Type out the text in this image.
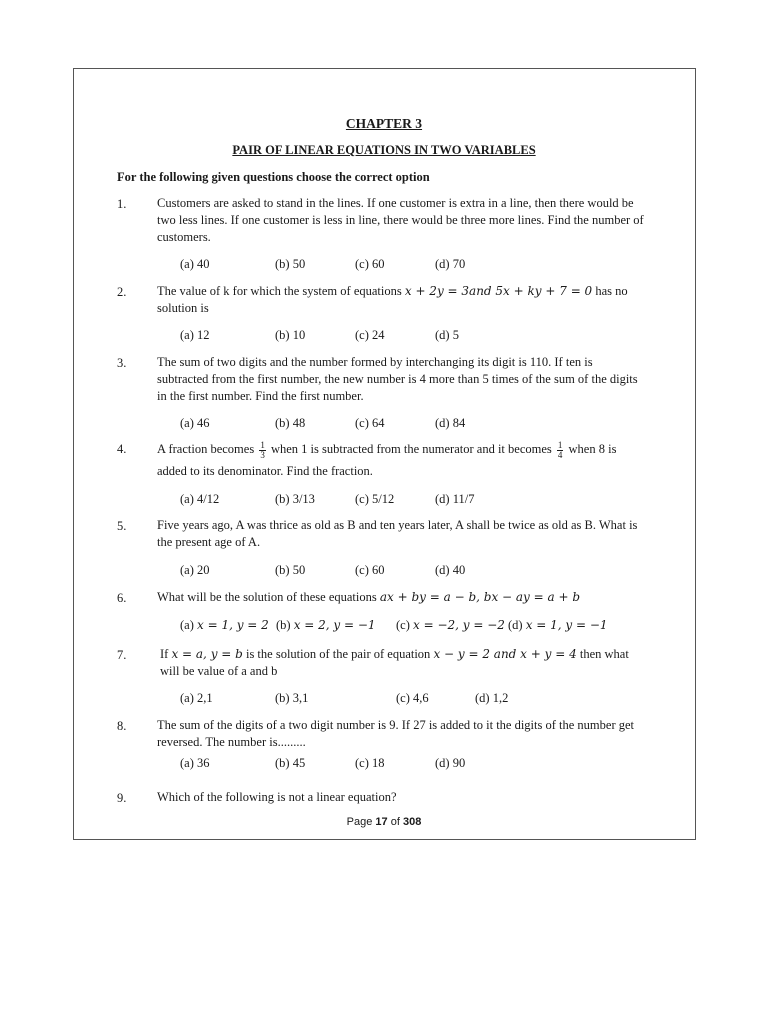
CHAPTER 3
PAIR OF LINEAR EQUATIONS IN TWO VARIABLES
For the following given questions choose the correct option
1. Customers are asked to stand in the lines. If one customer is extra in a line, then there would be two less lines. If one customer is less in line, there would be three more lines. Find the number of customers.
(a) 40	(b) 50	(c) 60	(d) 70
2. The value of k for which the system of equations x + 2y = 3and 5x + ky + 7 = 0 has no solution is
(a) 12	(b) 10	(c) 24	(d) 5
3. The sum of two digits and the number formed by interchanging its digit is 110. If ten is subtracted from the first number, the new number is 4 more than 5 times of the sum of the digits in the first number. Find the first number.
(a) 46	(b) 48	(c) 64	(d) 84
4. A fraction becomes $\frac{1}{3}$ when 1 is subtracted from the numerator and it becomes $\frac{1}{4}$ when 8 is
added to its denominator. Find the fraction.
(a) 4/12	(b) 3/13	(c) 5/12	(d) 11/7
5. Five years ago, A was thrice as old as B and ten years later, A shall be twice as old as B. What is the present age of A.
(a) 20	(b) 50	(c) 60	(d) 40
6. What will be the solution of these equations ax + by = a − b, bx − ay = a + b
(a) x = 1, y = 2 (b) x = 2, y = −1 (c) x = −2, y = −2 (d) x = 1, y = −1
7.	If x = a, y = b is the solution of the pair of equation x − y = 2 and x + y = 4 then what
will be value of a and b
(a) 2,1	(b) 3,1	(c) 4,6	(d) 1,2
8. The sum of the digits of a two digit number is 9. If 27 is added to it the digits of the number get reversed. The number is.........
(a) 36	(b) 45	(c) 18	(d) 90
9. Which of the following is not a linear equation?
Page 17 of 308
